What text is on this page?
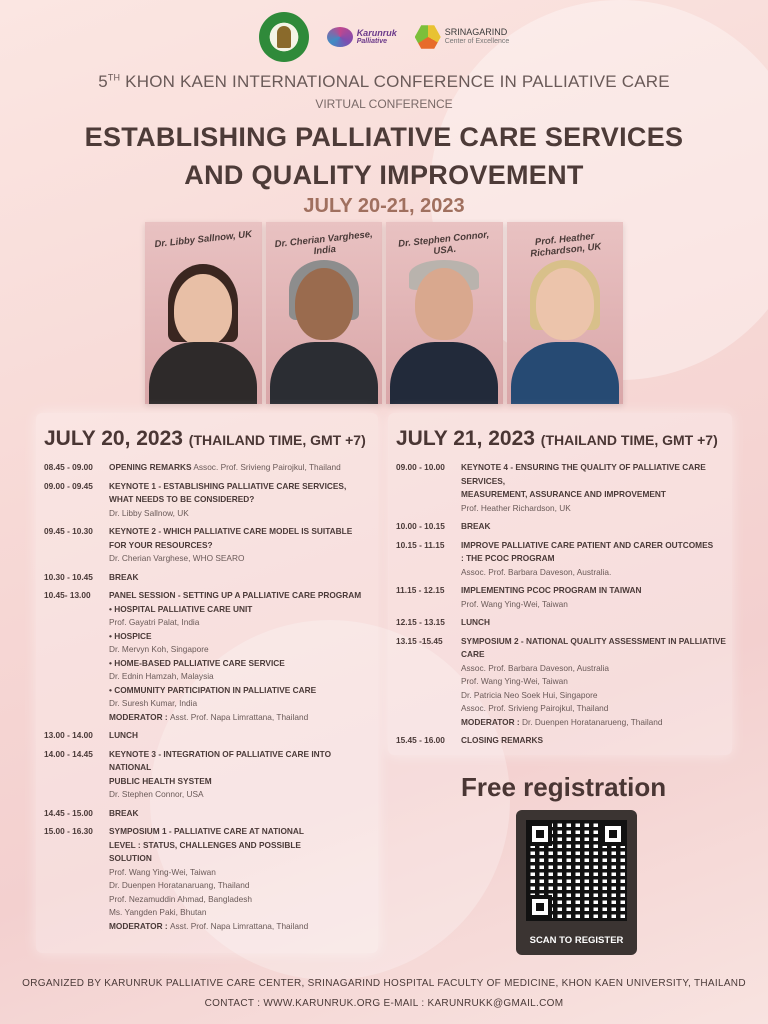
Karunruk
Palliative
SRINAGARIND
Center of Excellence
5TH KHON KAEN INTERNATIONAL CONFERENCE IN PALLIATIVE CARE
VIRTUAL CONFERENCE
ESTABLISHING PALLIATIVE CARE SERVICES
AND QUALITY IMPROVEMENT
JULY 20-21, 2023
Dr. Libby Sallnow, UK	Dr. Cherian Varghese, India
Dr. Stephen Connor, USA.
Prof. Heather Richardson, UK
JULY 20, 2023 (THAILAND TIME, GMT +7)
08.45 - 09.00	OPENING REMARKS Assoc. Prof. Srivieng Pairojkul, Thailand
09.00 - 09.45	KEYNOTE 1 - ESTABLISHING PALLIATIVE CARE SERVICES,
WHAT NEEDS TO BE CONSIDERED?
Dr. Libby Sallnow, UK
09.45 - 10.30	KEYNOTE 2 - WHICH PALLIATIVE CARE MODEL IS SUITABLE
FOR YOUR RESOURCES?
Dr. Cherian Varghese, WHO SEARO
10.30 - 10.45	BREAK
10.45- 13.00	PANEL SESSION - SETTING UP A PALLIATIVE CARE PROGRAM
• HOSPITAL PALLIATIVE CARE UNIT
Prof. Gayatri Palat, India
• HOSPICE
Dr. Mervyn Koh, Singapore
• HOME-BASED PALLIATIVE CARE SERVICE
Dr. Ednin Hamzah, Malaysia
• COMMUNITY PARTICIPATION IN PALLIATIVE CARE
Dr. Suresh Kumar, India
MODERATOR : Asst. Prof. Napa Limrattana, Thailand
13.00 - 14.00	LUNCH
14.00 - 14.45	KEYNOTE 3 - INTEGRATION OF PALLIATIVE CARE INTO NATIONAL
PUBLIC HEALTH SYSTEM
Dr. Stephen Connor, USA
14.45 - 15.00	BREAK
15.00 - 16.30	SYMPOSIUM 1 - PALLIATIVE CARE AT NATIONAL
LEVEL : STATUS, CHALLENGES AND POSSIBLE
SOLUTION
Prof. Wang Ying-Wei, Taiwan
Dr. Duenpen Horatanaruang, Thailand
Prof. Nezamuddin Ahmad, Bangladesh
Ms. Yangden Paki, Bhutan
MODERATOR : Asst. Prof. Napa Limrattana, Thailand
JULY 21, 2023 (THAILAND TIME, GMT +7)
09.00 - 10.00	KEYNOTE 4 - ENSURING THE QUALITY OF PALLIATIVE CARE SERVICES,
MEASUREMENT, ASSURANCE AND IMPROVEMENT
Prof. Heather Richardson, UK
10.00 - 10.15	BREAK
10.15 - 11.15	IMPROVE PALLIATIVE CARE PATIENT AND CARER OUTCOMES
: THE PCOC PROGRAM
Assoc. Prof. Barbara Daveson, Australia.
11.15 - 12.15	IMPLEMENTING PCOC PROGRAM IN TAIWAN
Prof. Wang Ying-Wei, Taiwan
12.15 - 13.15	LUNCH
13.15 -15.45	SYMPOSIUM 2 - NATIONAL QUALITY ASSESSMENT IN PALLIATIVE CARE
Assoc. Prof. Barbara Daveson, Australia
Prof. Wang Ying-Wei, Taiwan
Dr. Patricia Neo Soek Hui, Singapore
Assoc. Prof. Srivieng Pairojkul, Thailand
MODERATOR : Dr. Duenpen Horatanarueng, Thailand
15.45 - 16.00	CLOSING REMARKS
Free registration
SCAN TO REGISTER
ORGANIZED BY KARUNRUK PALLIATIVE CARE CENTER, SRINAGARIND HOSPITAL FACULTY OF MEDICINE, KHON KAEN UNIVERSITY, THAILAND
CONTACT : WWW.KARUNRUK.ORG E-MAIL : KARUNRUKK@GMAIL.COM
